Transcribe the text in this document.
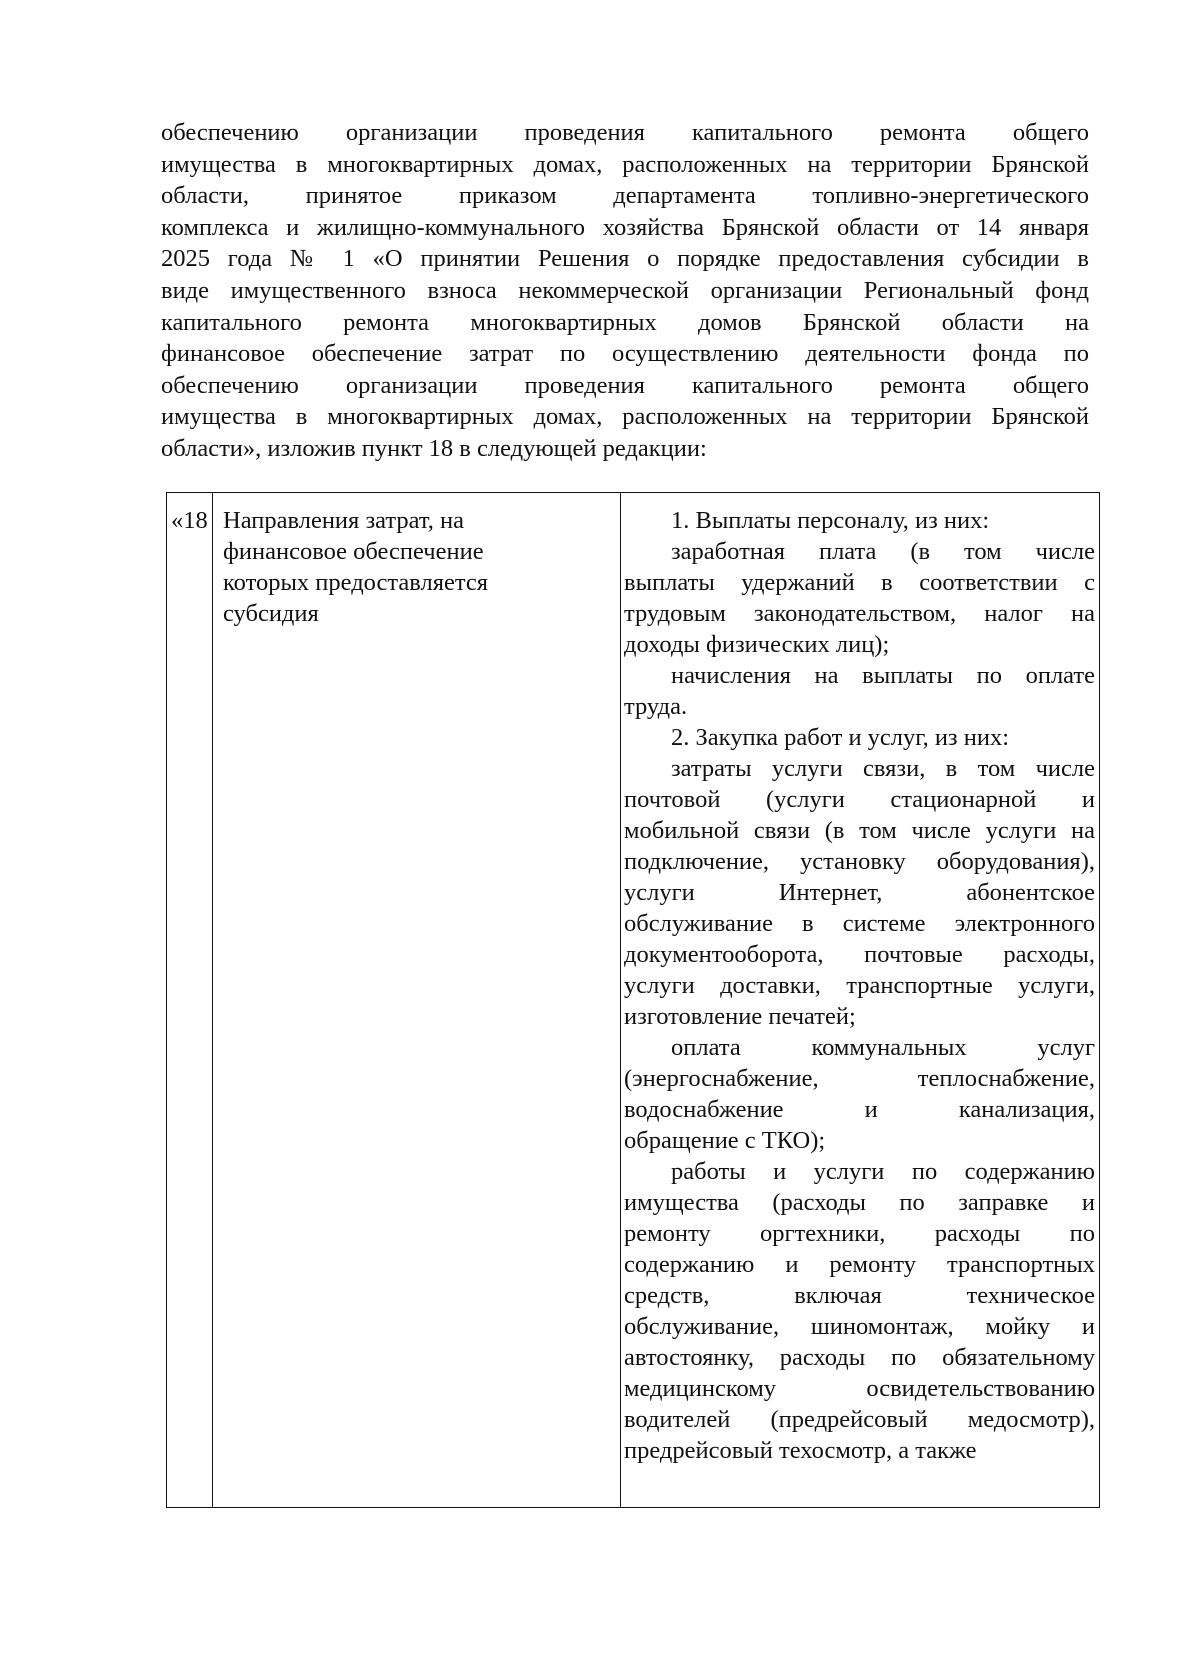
обеспечению организации проведения капитального ремонта общего

имущества в многоквартирных домах, расположенных на территории Брянской

области, принятое приказом департамента топливно-энергетического

комплекса и жилищно-коммунального хозяйства Брянской области от 14 января

2025 года № 1 «О принятии Решения о порядке предоставления субсидии в

виде имущественного взноса некоммерческой организации Региональный фонд

капитального ремонта многоквартирных домов Брянской области на

финансовое обеспечение затрат по осуществлению деятельности фонда по

обеспечению организации проведения капитального ремонта общего

имущества в многоквартирных домах, расположенных на территории Брянской

области», изложив пункт 18 в следующей редакции:

«18 Направления затрат, на

финансовое обеспечение

которых предоставляется

субсидия

1. Выплаты персоналу, из них:

заработная плата (в том числе

выплаты удержаний в соответствии с

трудовым законодательством, налог на

доходы физических лиц);

начисления на выплаты по оплате

труда.

2. Закупка работ и услуг, из них:

затраты услуги связи, в том числе

почтовой (услуги стационарной и

мобильной связи (в том числе услуги на

подключение, установку оборудования),

услуги Интернет, абонентское

обслуживание в системе электронного

документооборота, почтовые расходы,

услуги доставки, транспортные услуги,

изготовление печатей;

оплата коммунальных услуг

(энергоснабжение, теплоснабжение,

водоснабжение и канализация,

обращение с ТКО);

работы и услуги по содержанию

имущества (расходы по заправке и

ремонту оргтехники, расходы по

содержанию и ремонту транспортных

средств, включая техническое

обслуживание, шиномонтаж, мойку и

автостоянку, расходы по обязательному

медицинскому освидетельствованию

водителей (предрейсовый медосмотр),

предрейсовый техосмотр, а также
